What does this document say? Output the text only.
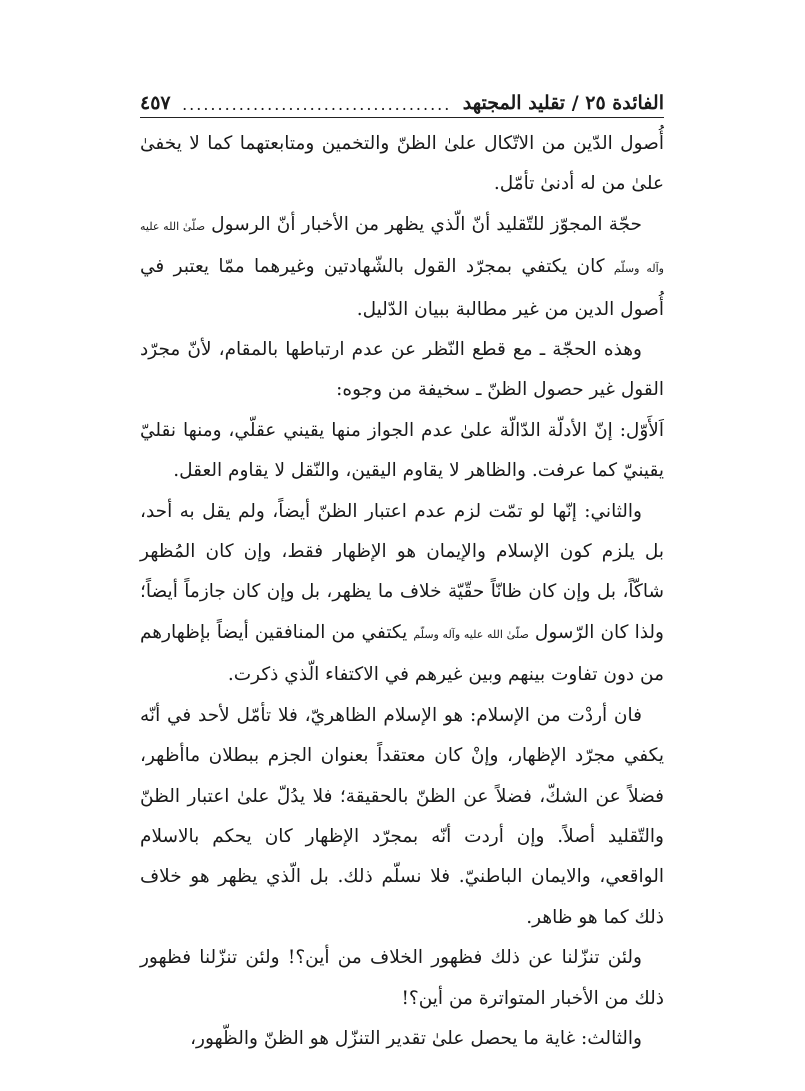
الفائدة ٢٥ / تقليد المجتهد
......................................
٤٥٧

أُصول الدّين من الاتّكال علىٰ الظنّ والتخمين ومتابعتهما كما لا يخفىٰ علىٰ من له أدنىٰ تأمّل.

حجّة المجوّز للتّقليد أنّ الّذي يظهر من الأخبار أنّ الرسول صلّىٰ الله عليه وآله وسلّم كان يكتفي بمجرّد القول بالشّهادتين وغيرهما ممّا يعتبر في أُصول الدين من غير مطالبة ببيان الدّليل.

وهذه الحجّة ـ مع قطع النّظر عن عدم ارتباطها بالمقام، لأنّ مجرّد القول غير حصول الظنّ ـ سخيفة من وجوه:

اَلأَوّل: إنّ الأدلّة الدّالّة علىٰ عدم الجواز منها يقيني عقلّي، ومنها نقليّ يقينيّ كما عرفت. والظاهر لا يقاوم اليقين، والنّقل لا يقاوم العقل.

والثاني: إنّها لو تمّت لزم عدم اعتبار الظنّ أيضاً، ولم يقل به أحد، بل يلزم كون الإسلام والإيمان هو الإظهار فقط، وإن كان المُظهر شاكّاً، بل وإن كان ظانّاً حقّيّة خلاف ما يظهر، بل وإن كان جازماً أيضاً؛ ولذا كان الرّسول صلّىٰ الله عليه وآله وسلّم يكتفي من المنافقين أيضاً بإظهارهم من دون تفاوت بينهم وبين غيرهم في الاكتفاء الّذي ذكرت.

فان أردْت من الإسلام: هو الإسلام الظاهريّ، فلا تأمّل لأحد في أنّه يكفي مجرّد الإظهار، وإنْ كان معتقداً بعنوان الجزم ببطلان ماأظهر، فضلاً عن الشكّ، فضلاً عن الظنّ بالحقيقة؛ فلا يدُلّ علىٰ اعتبار الظنّ والتّقليد أصلاً. وإن أردت أنّه بمجرّد الإظهار كان يحكم بالاسلام الواقعي، والايمان الباطنيّ. فلا نسلّم ذلك. بل الّذي يظهر هو خلاف ذلك كما هو ظاهر.

ولئن تنزّلنا عن ذلك فظهور الخلاف من أين؟! ولئن تنزّلنا فظهور ذلك من الأخبار المتواترة من أين؟!

والثالث: غاية ما يحصل علىٰ تقدير التنزّل هو الظنّ والظّهور،
